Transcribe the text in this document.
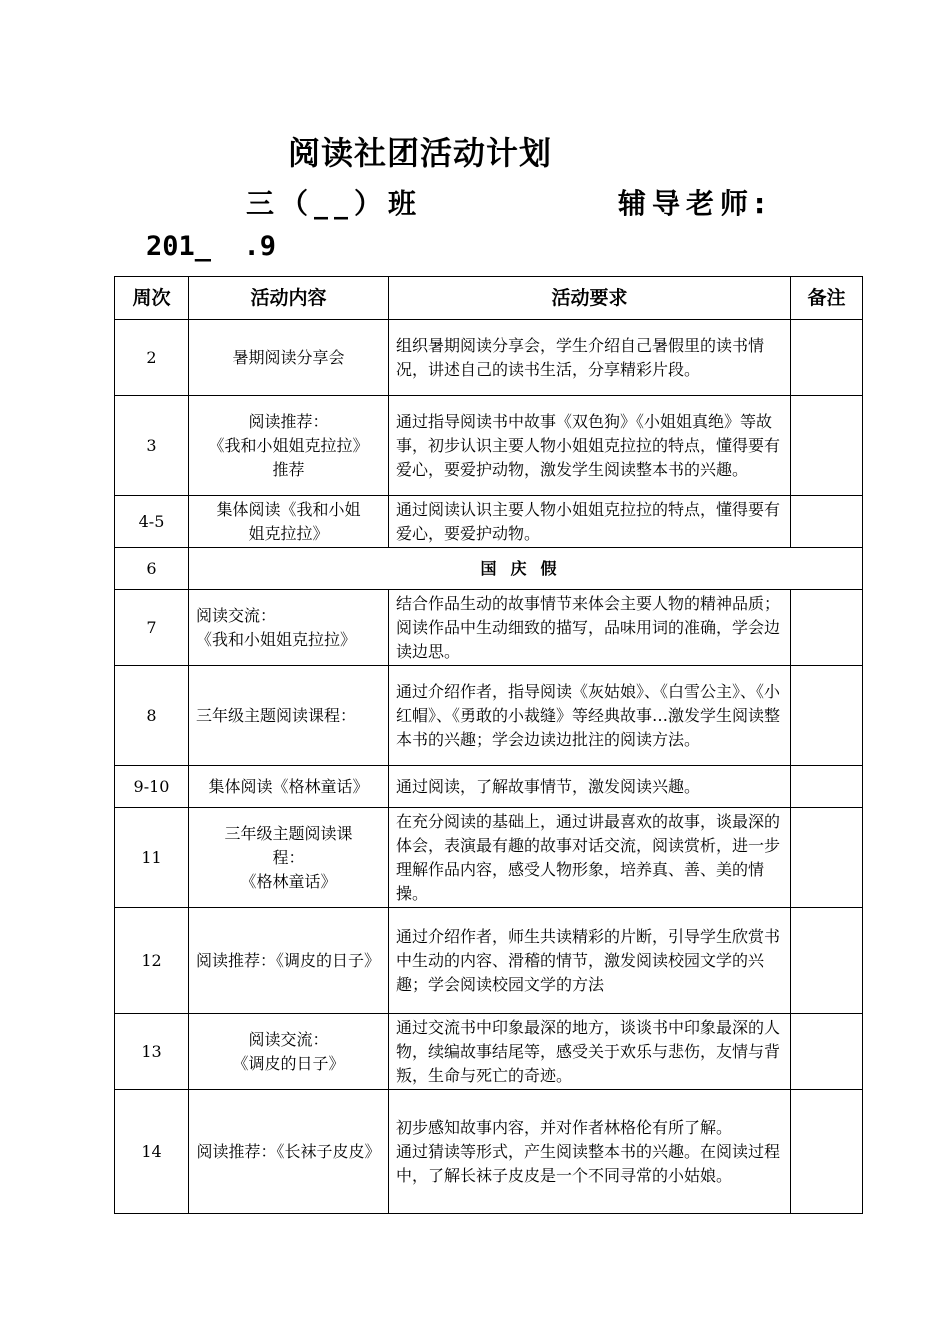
阅读社团活动计划
三（__）班	辅导老师:
201_  .9
周次	活动内容	活动要求	备注
2	暑期阅读分享会	组织暑期阅读分享会，学生介绍自己暑假里的读书情况，讲述自己的读书生活，分享精彩片段。	
3	阅读推荐：
《我和小姐姐克拉拉》
推荐	通过指导阅读书中故事《双色狗》《小姐姐真绝》等故事，初步认识主要人物小姐姐克拉拉的特点，懂得要有爱心，要爱护动物，激发学生阅读整本书的兴趣。	
4-5	集体阅读《我和小姐
姐克拉拉》	通过阅读认识主要人物小姐姐克拉拉的特点，懂得要有爱心，要爱护动物。	
6	国庆假		
7	阅读交流：
《我和小姐姐克拉拉》	结合作品生动的故事情节来体会主要人物的精神品质；阅读作品中生动细致的描写，品味用词的准确，学会边读边思。	
8	三年级主题阅读课程：	通过介绍作者，指导阅读《灰姑娘》、《白雪公主》、《小红帽》、《勇敢的小裁缝》等经典故事…激发学生阅读整本书的兴趣；学会边读边批注的阅读方法。	
9-10	集体阅读《格林童话》	通过阅读，了解故事情节，激发阅读兴趣。	
11	三年级主题阅读课
程：
《格林童话》	在充分阅读的基础上，通过讲最喜欢的故事，谈最深的体会，表演最有趣的故事对话交流，阅读赏析，进一步理解作品内容，感受人物形象，培养真、善、美的情操。	
12	阅读推荐：《调皮的日子》	通过介绍作者，师生共读精彩的片断，引导学生欣赏书中生动的内容、滑稽的情节，激发阅读校园文学的兴趣；学会阅读校园文学的方法	
13	阅读交流：
《调皮的日子》	通过交流书中印象最深的地方，谈谈书中印象最深的人物，续编故事结尾等，感受关于欢乐与悲伤，友情与背叛，生命与死亡的奇迹。	
14	阅读推荐：《长袜子皮皮》	初步感知故事内容，并对作者林格伦有所了解。
通过猜读等形式，产生阅读整本书的兴趣。在阅读过程中，了解长袜子皮皮是一个不同寻常的小姑娘。	
